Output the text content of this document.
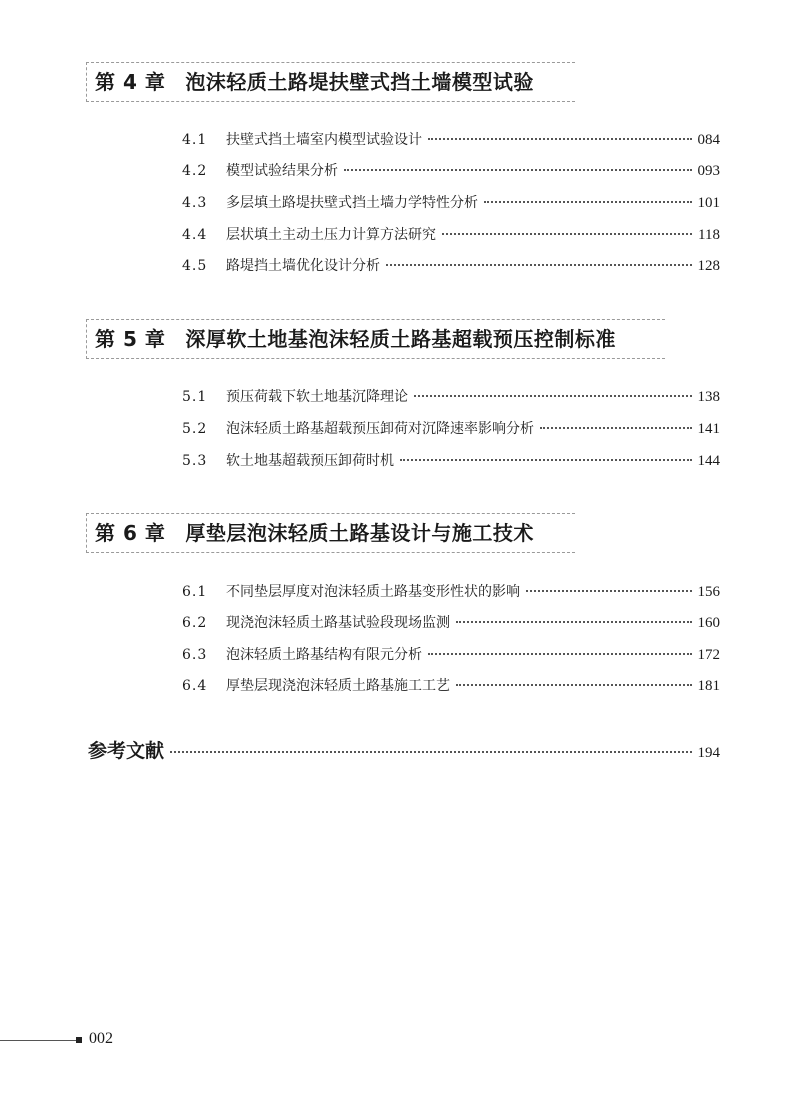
第 4 章 泡沫轻质土路堤扶壁式挡土墙模型试验
4.1	扶壁式挡土墙室内模型试验设计	084
4.2	模型试验结果分析	093
4.3	多层填土路堤扶壁式挡土墙力学特性分析	101
4.4	层状填土主动土压力计算方法研究	118
4.5	路堤挡土墙优化设计分析	128
第 5 章 深厚软土地基泡沫轻质土路基超载预压控制标准
5.1	预压荷载下软土地基沉降理论	138
5.2	泡沫轻质土路基超载预压卸荷对沉降速率影响分析	141
5.3	软土地基超载预压卸荷时机	144
第 6 章 厚垫层泡沫轻质土路基设计与施工技术
6.1	不同垫层厚度对泡沫轻质土路基变形性状的影响	156
6.2	现浇泡沫轻质土路基试验段现场监测	160
6.3	泡沫轻质土路基结构有限元分析	172
6.4	厚垫层现浇泡沫轻质土路基施工工艺	181
参考文献	194
002
